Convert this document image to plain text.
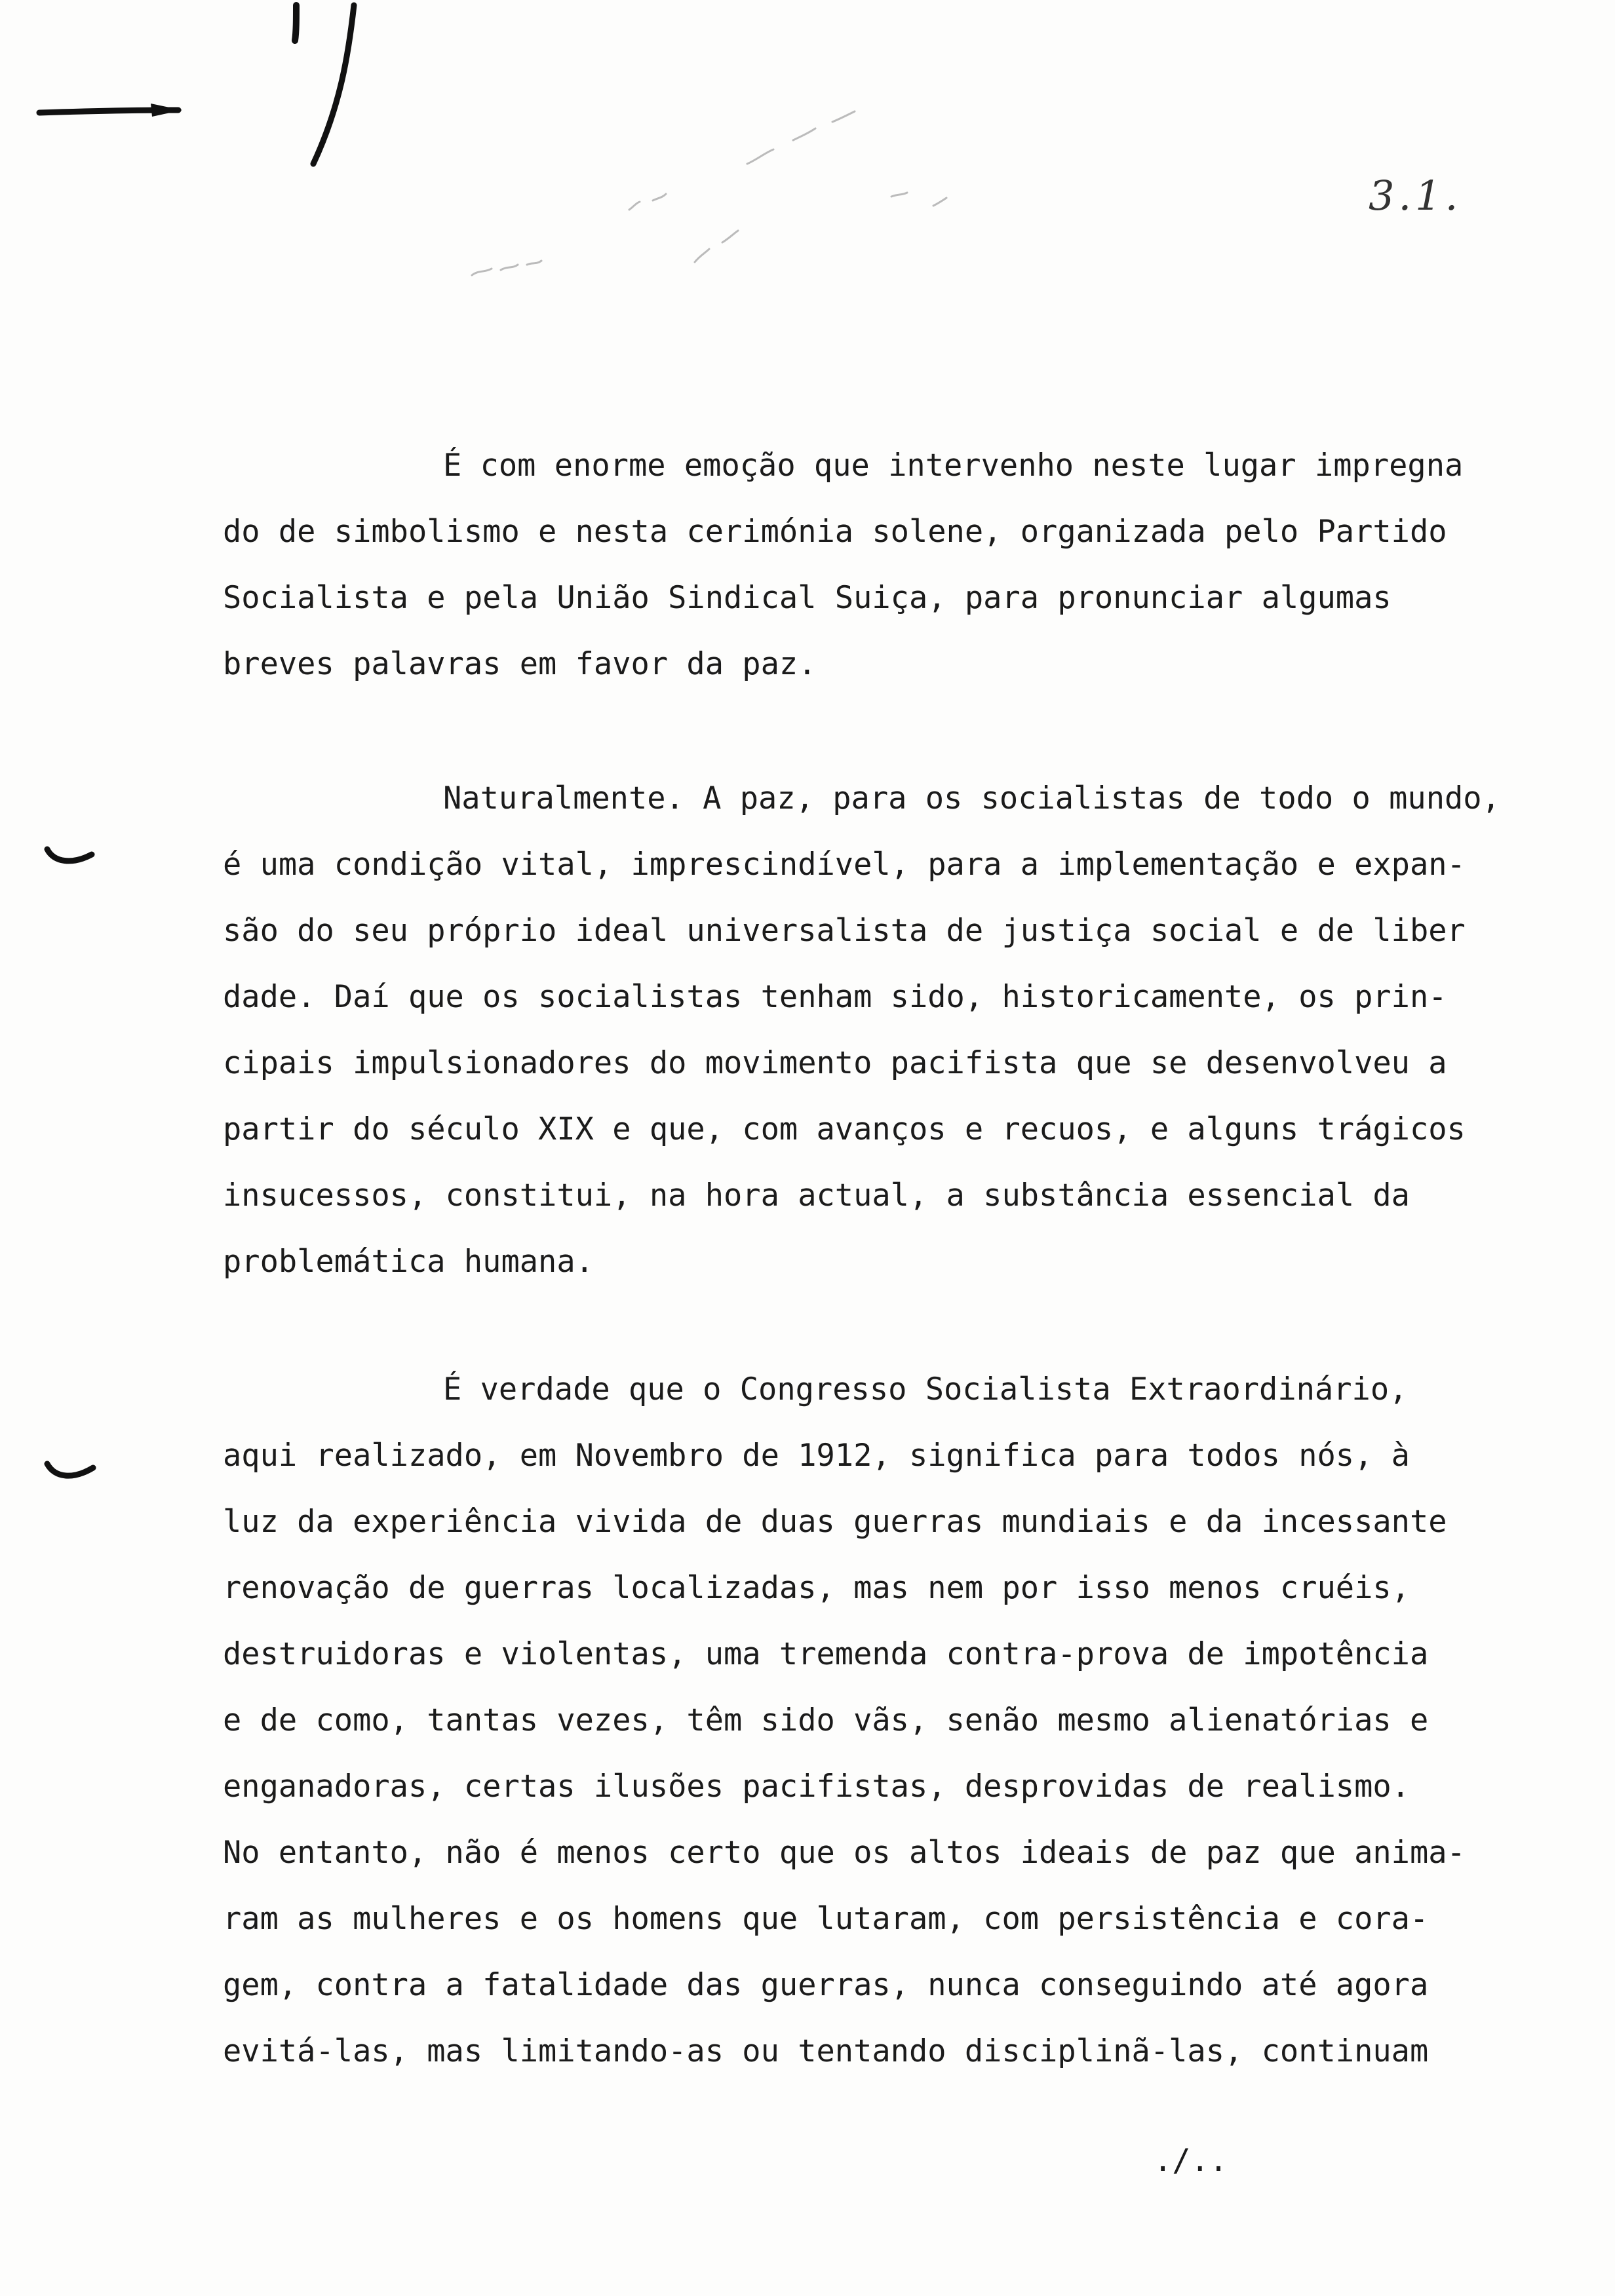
3.1.
É com enorme emoção que intervenho neste lugar impregna
do de simbolismo e nesta cerimónia solene, organizada pelo Partido
Socialista e pela União Sindical Suiça, para pronunciar algumas
breves palavras em favor da paz.
Naturalmente. A paz, para os socialistas de todo o mundo,
é uma condição vital, imprescindível, para a implementação e expan-
são do seu próprio ideal universalista de justiça social e de liber
dade. Daí que os socialistas tenham sido, historicamente, os prin-
cipais impulsionadores do movimento pacifista que se desenvolveu a
partir do século XIX e que, com avanços e recuos, e alguns trágicos
insucessos, constitui, na hora actual, a substância essencial da
problemática humana.
É verdade que o Congresso Socialista Extraordinário,
aqui realizado, em Novembro de 1912, significa para todos nós, à
luz da experiência vivida de duas guerras mundiais e da incessante
renovação de guerras localizadas, mas nem por isso menos cruéis,
destruidoras e violentas, uma tremenda contra-prova de impotência
e de como, tantas vezes, têm sido vãs, senão mesmo alienatórias e
enganadoras, certas ilusões pacifistas, desprovidas de realismo.
No entanto, não é menos certo que os altos ideais de paz que anima-
ram as mulheres e os homens que lutaram, com persistência e cora-
gem, contra a fatalidade das guerras, nunca conseguindo até agora
evitá-las, mas limitando-as ou tentando disciplinã-las, continuam
./..
